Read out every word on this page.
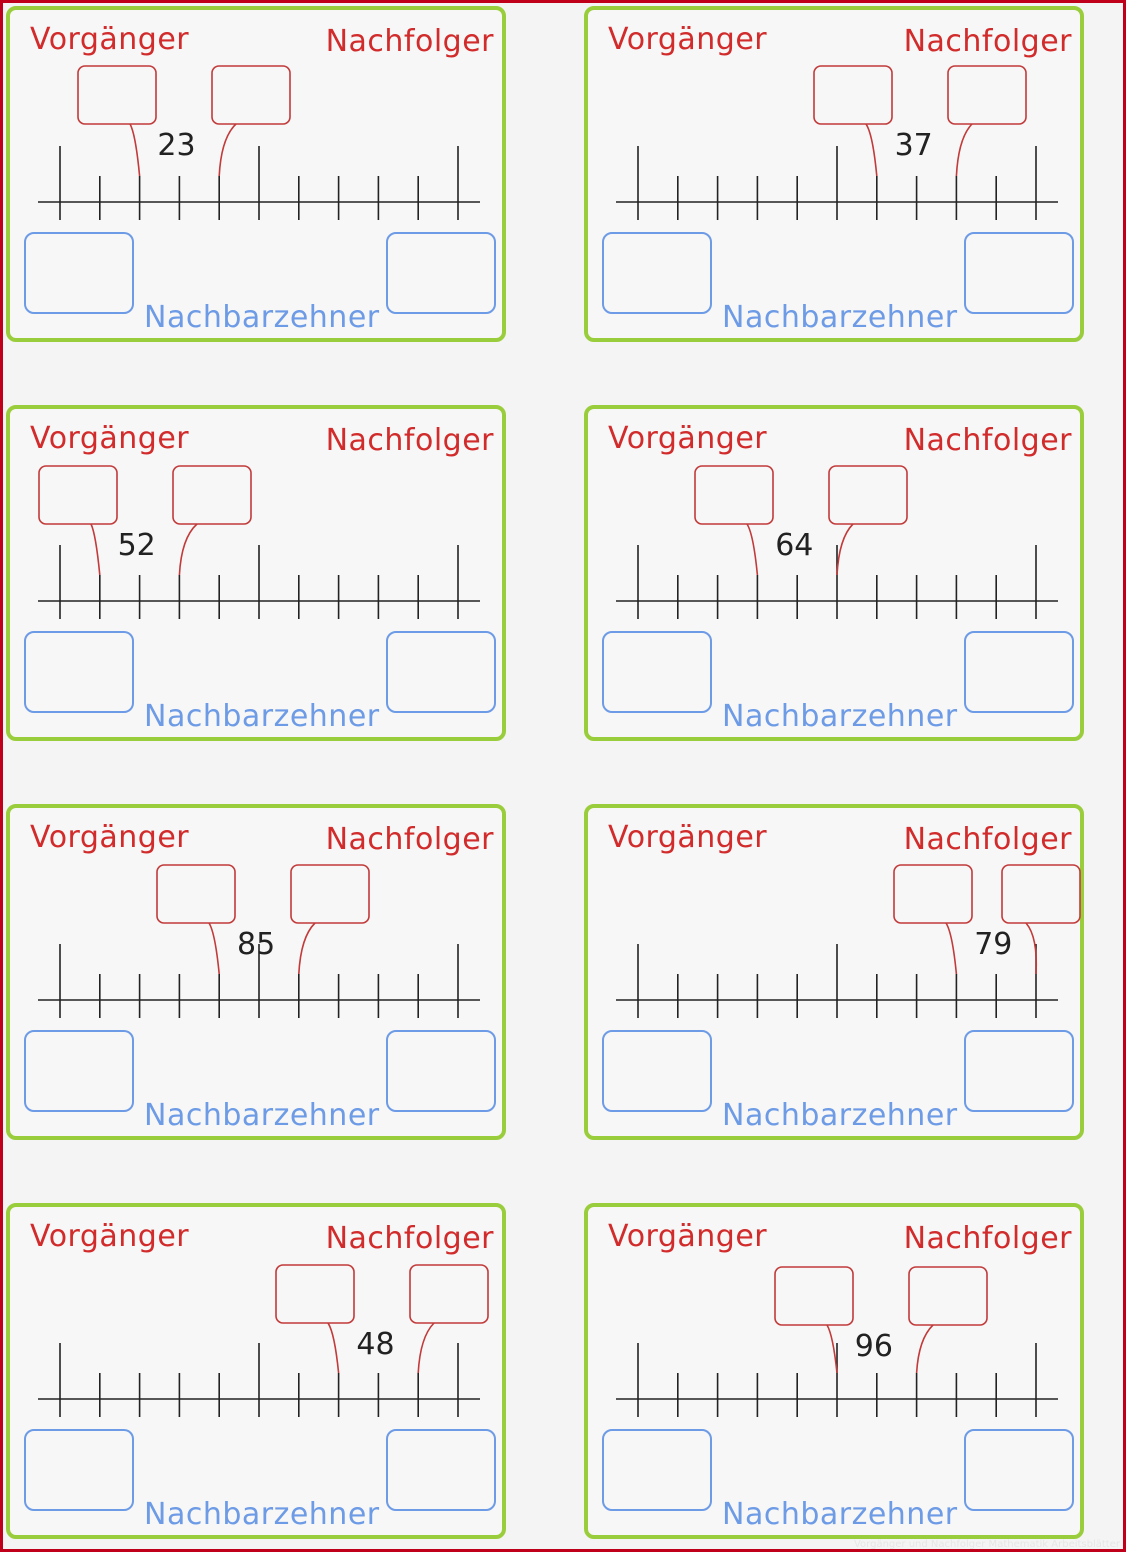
Vorgänger	Nachfolger
Nachbarzehner
23
Vorgänger	Nachfolger
Nachbarzehner
37
Vorgänger	Nachfolger
Nachbarzehner
52
Vorgänger	Nachfolger
Nachbarzehner
64
Vorgänger	Nachfolger
Nachbarzehner
85
Vorgänger	Nachfolger
Nachbarzehner
79
Vorgänger	Nachfolger
Nachbarzehner
48
Vorgänger	Nachfolger
Nachbarzehner
96
Vorgänger und Nachfolger Mathematik Arbeitsblätter
